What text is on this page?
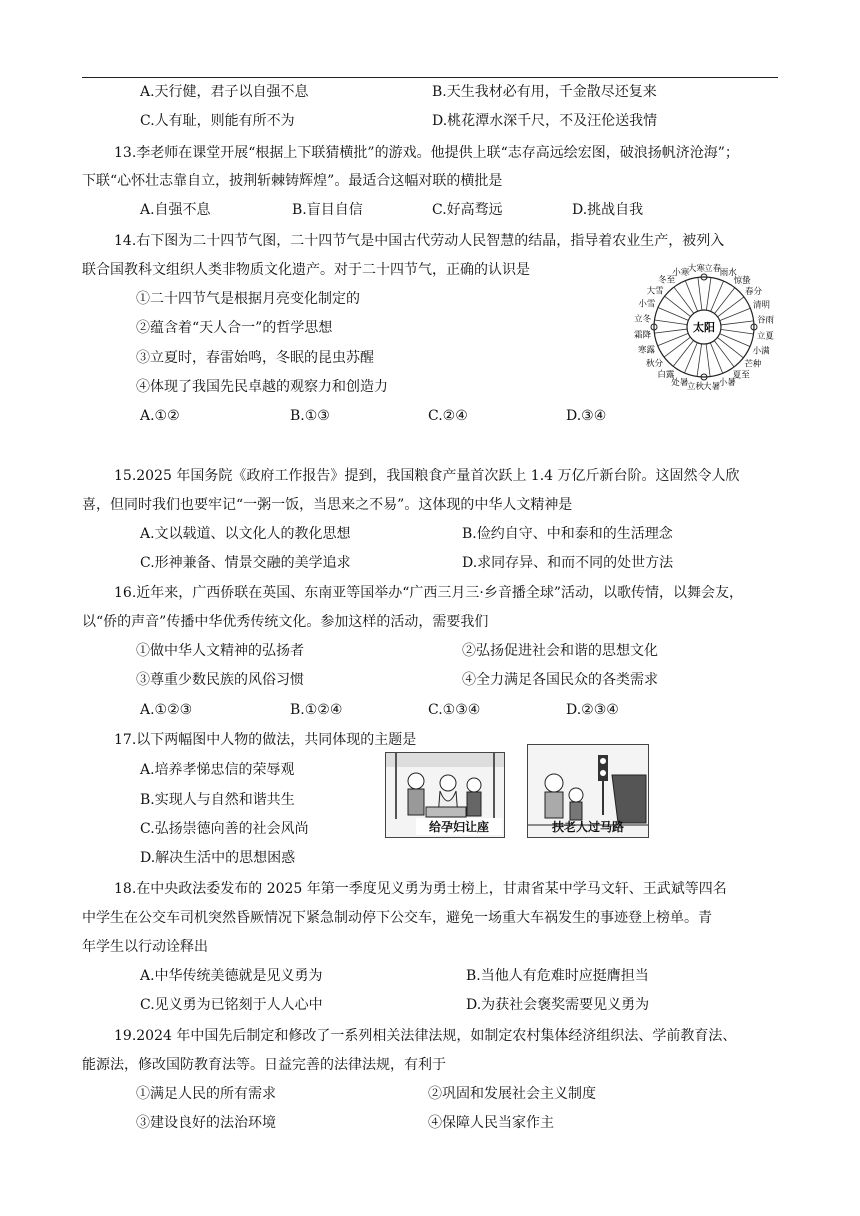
A.天行健，君子以自强不息	B.天生我材必有用，千金散尽还复来
C.人有耻，则能有所不为	D.桃花潭水深千尺，不及汪伦送我情
13.李老师在课堂开展“根据上下联猜横批”的游戏。他提供上联“志存高远绘宏图，破浪扬帆济沧海”；
下联“心怀壮志靠自立，披荆斩棘铸辉煌”。最适合这幅对联的横批是
A.自强不息	B.盲目自信	C.好高骛远	D.挑战自我
14.右下图为二十四节气图，二十四节气是中国古代劳动人民智慧的结晶，指导着农业生产，被列入
联合国教科文组织人类非物质文化遗产。对于二十四节气，正确的认识是
①二十四节气是根据月亮变化制定的
②蕴含着“天人合一”的哲学思想
③立夏时，春雷始鸣，冬眠的昆虫苏醒
④体现了我国先民卓越的观察力和创造力
A.①②	B.①③	C.②④	D.③④
太阳
立春
雨水
惊蛰
春分
清明
谷雨
立夏
小满
芒种
夏至
小暑
大暑
立秋
处暑
白露
秋分
寒露
霜降
立冬
小雪
大雪
冬至
小寒
大寒
15.2025 年国务院《政府工作报告》提到，我国粮食产量首次跃上 1.4 万亿斤新台阶。这固然令人欣
喜，但同时我们也要牢记“一粥一饭，当思来之不易”。这体现的中华人文精神是
A.文以载道、以文化人的教化思想	B.俭约自守、中和泰和的生活理念
C.形神兼备、情景交融的美学追求	D.求同存异、和而不同的处世方法
16.近年来，广西侨联在英国、东南亚等国举办“广西三月三·乡音播全球”活动，以歌传情，以舞会友，
以“侨的声音”传播中华优秀传统文化。参加这样的活动，需要我们
①做中华人文精神的弘扬者	②弘扬促进社会和谐的思想文化
③尊重少数民族的风俗习惯	④全力满足各国民众的各类需求
A.①②③	B.①②④	C.①③④	D.②③④
17.以下两幅图中人物的做法，共同体现的主题是
A.培养孝悌忠信的荣辱观
B.实现人与自然和谐共生
C.弘扬崇德向善的社会风尚
D.解决生活中的思想困惑
给孕妇让座	扶老人过马路
18.在中央政法委发布的 2025 年第一季度见义勇为勇士榜上，甘肃省某中学马文轩、王武斌等四名
中学生在公交车司机突然昏厥情况下紧急制动停下公交车，避免一场重大车祸发生的事迹登上榜单。青
年学生以行动诠释出
A.中华传统美德就是见义勇为	B.当他人有危难时应挺膺担当
C.见义勇为已铭刻于人人心中	D.为获社会褒奖需要见义勇为
19.2024 年中国先后制定和修改了一系列相关法律法规，如制定农村集体经济组织法、学前教育法、
能源法，修改国防教育法等。日益完善的法律法规，有利于
①满足人民的所有需求	②巩固和发展社会主义制度
③建设良好的法治环境	④保障人民当家作主
